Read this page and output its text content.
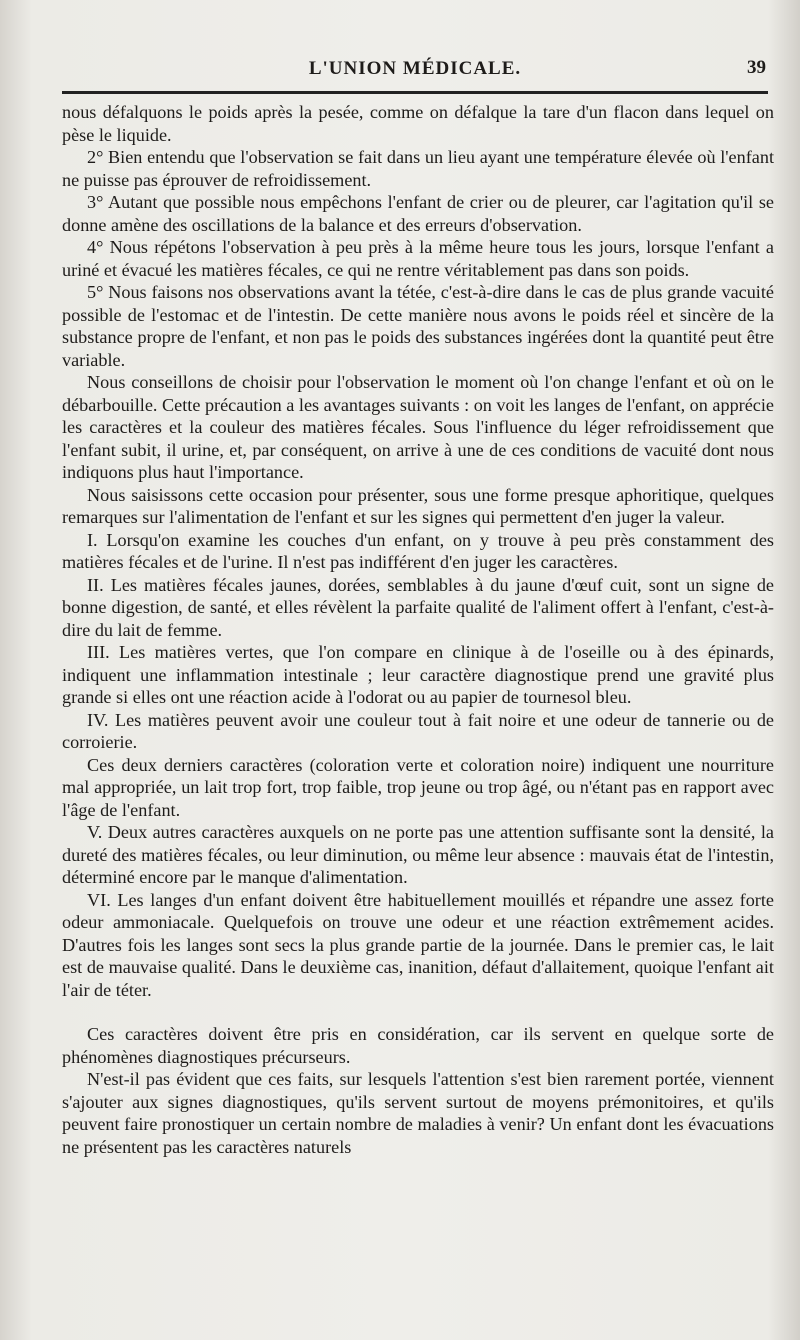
L'UNION MÉDICALE.	39

nous défalquons le poids après la pesée, comme on défalque la tare d'un flacon dans lequel on pèse le liquide.

2° Bien entendu que l'observation se fait dans un lieu ayant une température élevée où l'enfant ne puisse pas éprouver de refroidissement.

3° Autant que possible nous empêchons l'enfant de crier ou de pleurer, car l'agitation qu'il se donne amène des oscillations de la balance et des erreurs d'observation.

4° Nous répétons l'observation à peu près à la même heure tous les jours, lorsque l'enfant a uriné et évacué les matières fécales, ce qui ne rentre véritablement pas dans son poids.

5° Nous faisons nos observations avant la tétée, c'est-à-dire dans le cas de plus grande vacuité possible de l'estomac et de l'intestin. De cette manière nous avons le poids réel et sincère de la substance propre de l'enfant, et non pas le poids des substances ingérées dont la quantité peut être variable.

Nous conseillons de choisir pour l'observation le moment où l'on change l'enfant et où on le débarbouille. Cette précaution a les avantages suivants : on voit les langes de l'enfant, on apprécie les caractères et la couleur des matières fécales. Sous l'influence du léger refroidissement que l'enfant subit, il urine, et, par conséquent, on arrive à une de ces conditions de vacuité dont nous indiquons plus haut l'importance.

Nous saisissons cette occasion pour présenter, sous une forme presque aphoritique, quelques remarques sur l'alimentation de l'enfant et sur les signes qui permettent d'en juger la valeur.

I. Lorsqu'on examine les couches d'un enfant, on y trouve à peu près constamment des matières fécales et de l'urine. Il n'est pas indifférent d'en juger les caractères.

II. Les matières fécales jaunes, dorées, semblables à du jaune d'œuf cuit, sont un signe de bonne digestion, de santé, et elles révèlent la parfaite qualité de l'aliment offert à l'enfant, c'est-à-dire du lait de femme.

III. Les matières vertes, que l'on compare en clinique à de l'oseille ou à des épinards, indiquent une inflammation intestinale ; leur caractère diagnostique prend une gravité plus grande si elles ont une réaction acide à l'odorat ou au papier de tournesol bleu.

IV. Les matières peuvent avoir une couleur tout à fait noire et une odeur de tannerie ou de corroierie.

Ces deux derniers caractères (coloration verte et coloration noire) indiquent une nourriture mal appropriée, un lait trop fort, trop faible, trop jeune ou trop âgé, ou n'étant pas en rapport avec l'âge de l'enfant.

V. Deux autres caractères auxquels on ne porte pas une attention suffisante sont la densité, la dureté des matières fécales, ou leur diminution, ou même leur absence : mauvais état de l'intestin, déterminé encore par le manque d'alimentation.

VI. Les langes d'un enfant doivent être habituellement mouillés et répandre une assez forte odeur ammoniacale. Quelquefois on trouve une odeur et une réaction extrêmement acides. D'autres fois les langes sont secs la plus grande partie de la journée. Dans le premier cas, le lait est de mauvaise qualité. Dans le deuxième cas, inanition, défaut d'allaitement, quoique l'enfant ait l'air de téter.

Ces caractères doivent être pris en considération, car ils servent en quelque sorte de phénomènes diagnostiques précurseurs.

N'est-il pas évident que ces faits, sur lesquels l'attention s'est bien rarement portée, viennent s'ajouter aux signes diagnostiques, qu'ils servent surtout de moyens prémonitoires, et qu'ils peuvent faire pronostiquer un certain nombre de maladies à venir? Un enfant dont les évacuations ne présentent pas les caractères naturels
